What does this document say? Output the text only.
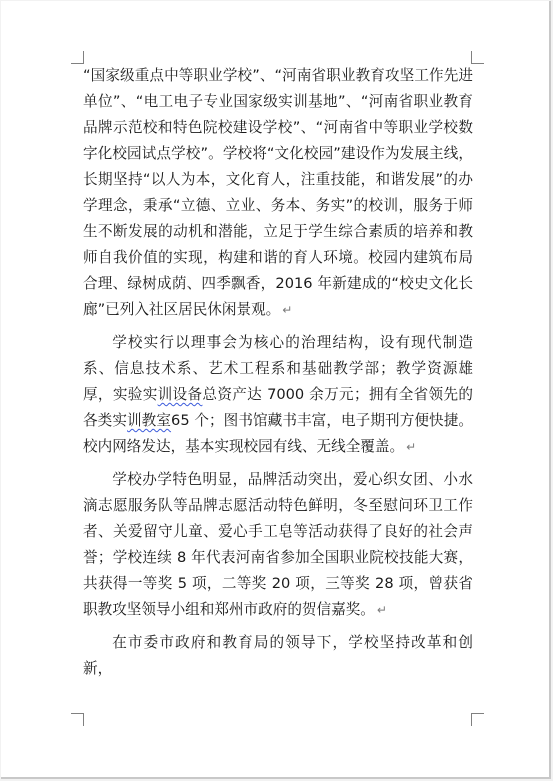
“国家级重点中等职业学校”、“河南省职业教育攻坚工作先进单位”、“电工电子专业国家级实训基地”、“河南省职业教育品牌示范校和特色院校建设学校”、“河南省中等职业学校数字化校园试点学校”。学校将“文化校园”建设作为发展主线，长期坚持“以人为本，文化育人，注重技能，和谐发展”的办学理念，秉承“立德、立业、务本、务实”的校训，服务于师生不断发展的动机和潜能，立足于学生综合素质的培养和教师自我价值的实现，构建和谐的育人环境。校园内建筑布局合理、绿树成荫、四季飘香，2016 年新建成的“校史文化长廊”已列入社区居民休闲景观。 ↵

学校实行以理事会为核心的治理结构，设有现代制造系、信息技术系、艺术工程系和基础教学部；教学资源雄厚，实验实训设备总资产达 7000 余万元；拥有全省领先的各类实训教室65 个；图书馆藏书丰富，电子期刊方便快捷。校内网络发达，基本实现校园有线、无线全覆盖。 ↵

学校办学特色明显，品牌活动突出，爱心织女团、小水滴志愿服务队等品牌志愿活动特色鲜明，冬至慰问环卫工作者、关爱留守儿童、爱心手工皂等活动获得了良好的社会声誉；学校连续 8 年代表河南省参加全国职业院校技能大赛，共获得一等奖 5 项，二等奖 20 项，三等奖 28 项，曾获省职教攻坚领导小组和郑州市政府的贺信嘉奖。 ↵

在市委市政府和教育局的领导下，学校坚持改革和创新，
